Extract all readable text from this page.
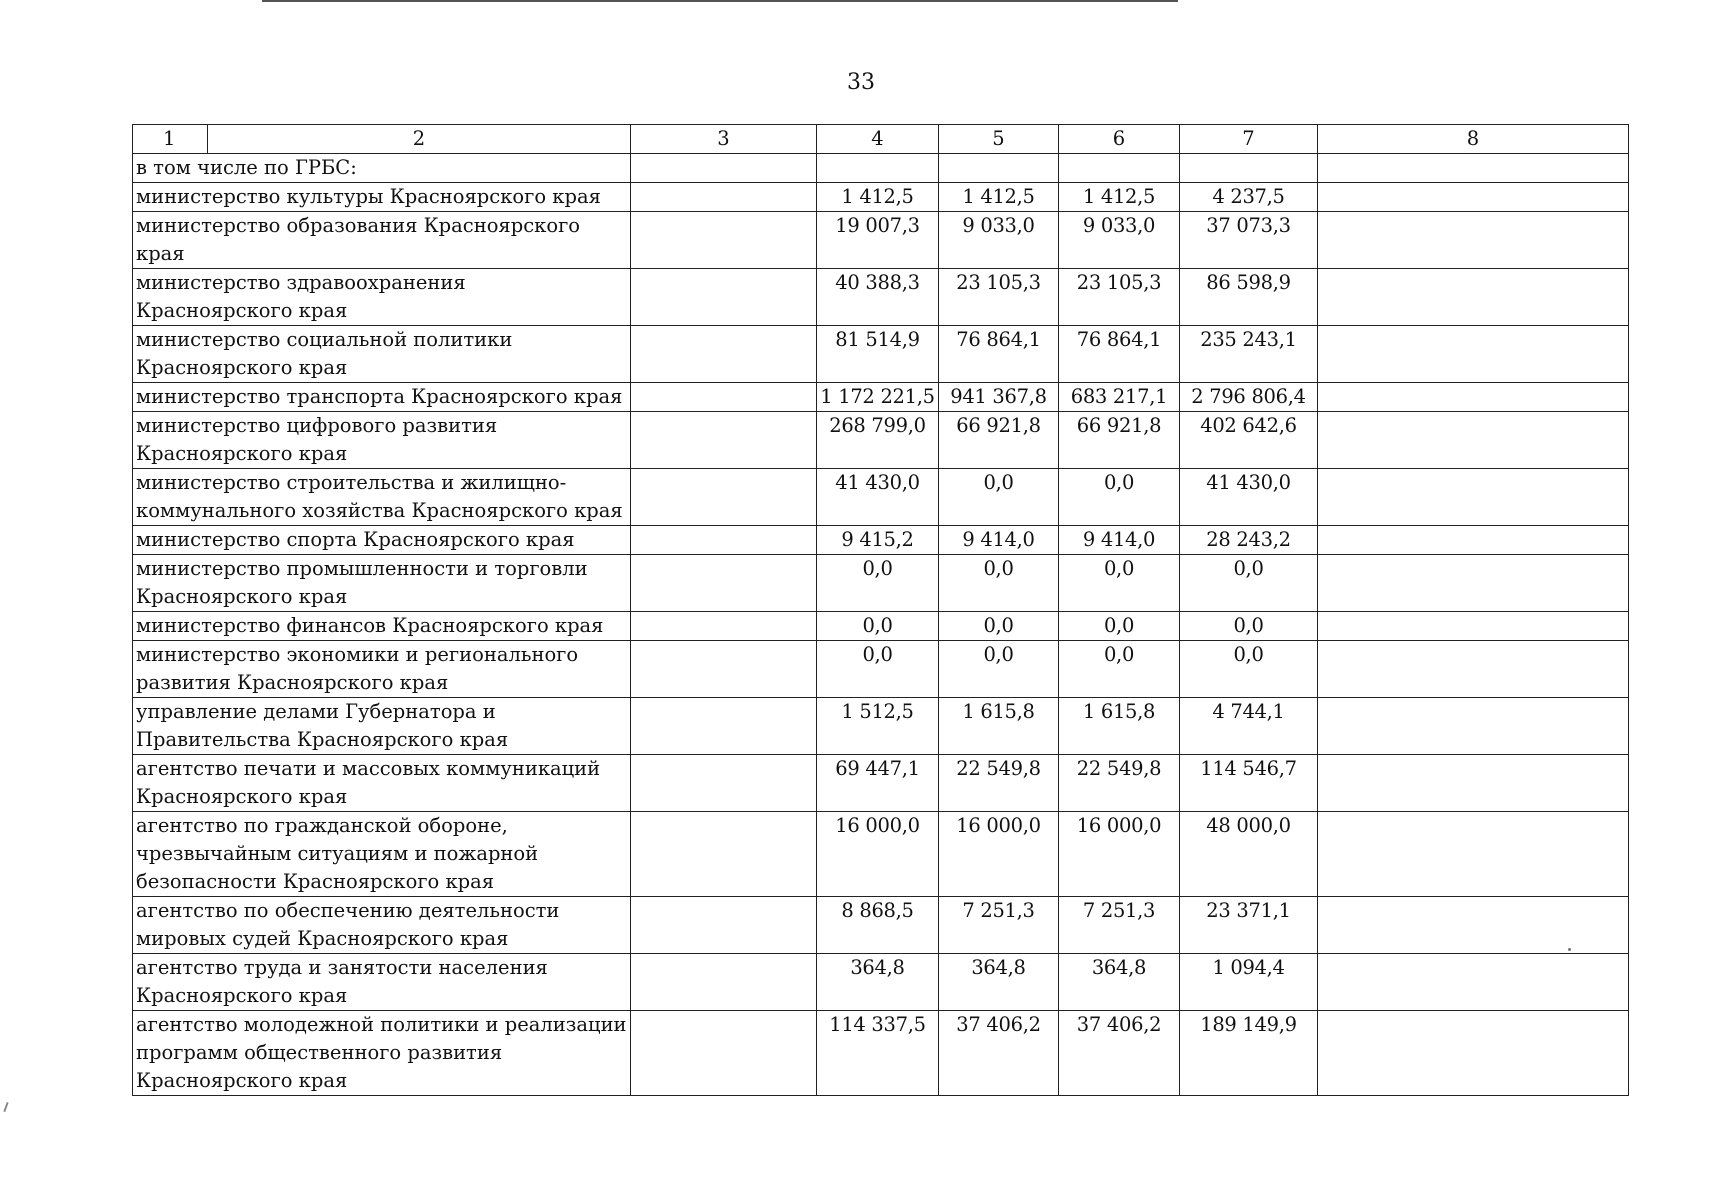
33
1	2	3	4	5	6	7	8
в том числе по ГРБС:							
министерство культуры Красноярского края			1 412,5	1 412,5	1 412,5	4 237,5	
министерство образования Красноярского края			19 007,3	9 033,0	9 033,0	37 073,3	
министерство здравоохранения Красноярского края			40 388,3	23 105,3	23 105,3	86 598,9	
министерство социальной политики Красноярского края			81 514,9	76 864,1	76 864,1	235 243,1	
министерство транспорта Красноярского края			1 172 221,5	941 367,8	683 217,1	2 796 806,4	
министерство цифрового развития Красноярского края			268 799,0	66 921,8	66 921,8	402 642,6	
министерство строительства и жилищно-коммунального хозяйства Красноярского края			41 430,0	0,0	0,0	41 430,0	
министерство спорта Красноярского края			9 415,2	9 414,0	9 414,0	28 243,2	
министерство промышленности и торговли Красноярского края			0,0	0,0	0,0	0,0	
министерство финансов Красноярского края			0,0	0,0	0,0	0,0	
министерство экономики и регионального развития Красноярского края			0,0	0,0	0,0	0,0	
управление делами Губернатора и Правительства Красноярского края			1 512,5	1 615,8	1 615,8	4 744,1	
агентство печати и массовых коммуникаций Красноярского края			69 447,1	22 549,8	22 549,8	114 546,7	
агентство по гражданской обороне, чрезвычайным ситуациям и пожарной безопасности Красноярского края			16 000,0	16 000,0	16 000,0	48 000,0	
агентство по обеспечению деятельности мировых судей Красноярского края			8 868,5	7 251,3	7 251,3	23 371,1	
агентство труда и занятости населения Красноярского края			364,8	364,8	364,8	1 094,4	
агентство молодежной политики и реализации программ общественного развития Красноярского края			114 337,5	37 406,2	37 406,2	189 149,9	
